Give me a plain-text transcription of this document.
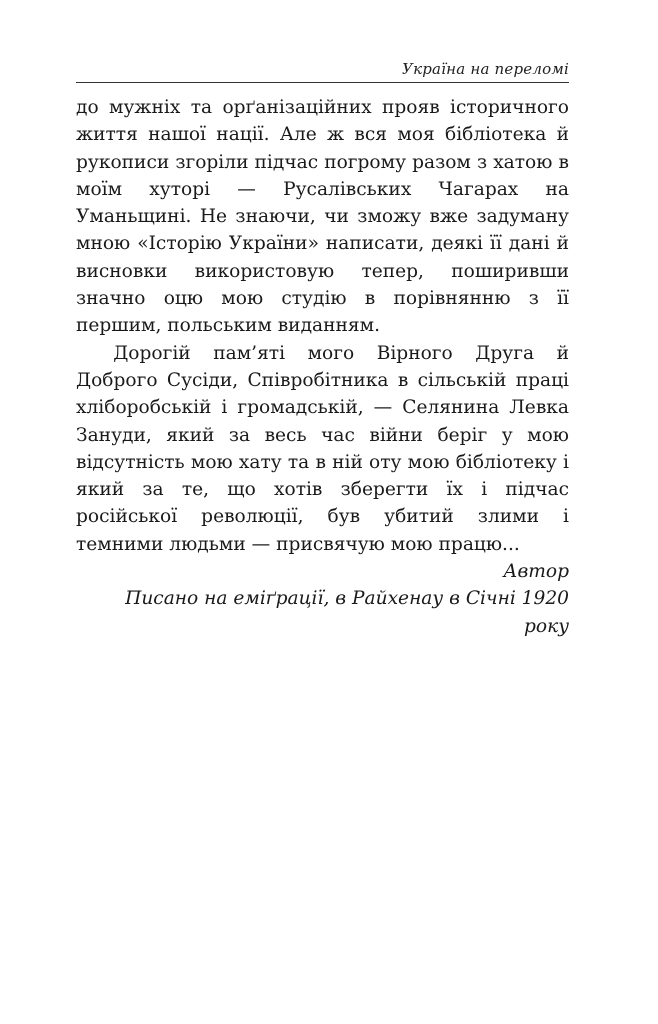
Україна на переломі

до мужніх та орґанізаційних прояв історичного життя нашої нації. Але ж вся моя бібліотека й рукописи згоріли підчас погрому разом з хатою в моїм хуторі — Русалівських Чагарах на Уманьщині. Не знаючи, чи зможу вже задуману мною «Історію України» написати, деякі її дані й висновки використовую тепер, поширивши значно оцю мою студію в порівнянню з її першим, польським виданням.

Дорогій пам’яті мого Вірного Друга й Доброго Сусіди, Співробітника в сільській праці хліборобській і громадській, — Селянина Левка Зануди, який за весь час війни беріг у мою відсутність мою хату та в ній оту мою бібліотеку і який за те, що хотів зберегти їх і підчас російської революції, був убитий злими і темними людьми — присвячую мою працю...

Автор

Писано на еміґрації, в Райхенау в Січні 1920 року
